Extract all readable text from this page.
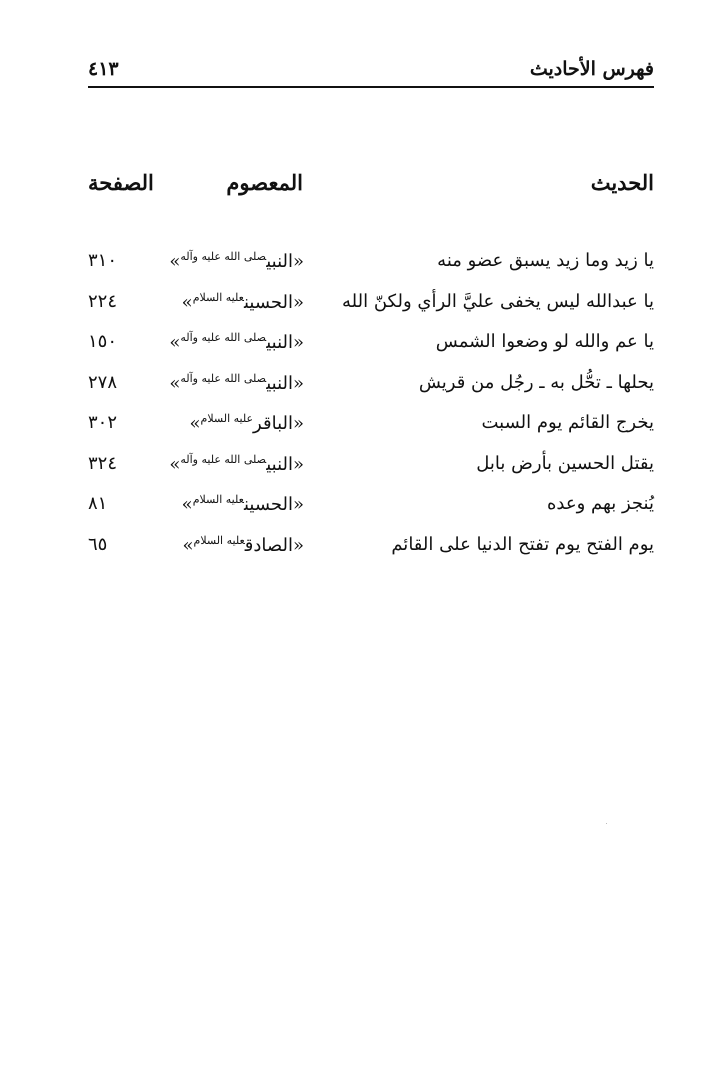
فهرس الأحاديث
٤١٣
الحديث
المعصوم
الصفحة
يا زيد وما زيد يسبق عضو منه
«النبي$^{صلى الله عليه وآله}$»
٣١٠
يا عبدالله ليس يخفى عليَّ الرأي ولكنّ الله
«الحسين$^{عليه السلام}$»
٢٢٤
يا عم والله لو وضعوا الشمس
«النبي$^{صلى الله عليه وآله}$»
١٥٠
يحلها ـ تحُّل به ـ رجُل من قريش
«النبي$^{صلى الله عليه وآله}$»
٢٧٨
يخرج القائم يوم السبت
«الباقر$^{عليه السلام}$»
٣٠٢
يقتل الحسين بأرض بابل
«النبي$^{صلى الله عليه وآله}$»
٣٢٤
يُنجز بهم وعده
«الحسين$^{عليه السلام}$»
٨١
يوم الفتح يوم تفتح الدنيا على القائم
«الصادق$^{عليه السلام}$»
٦٥
